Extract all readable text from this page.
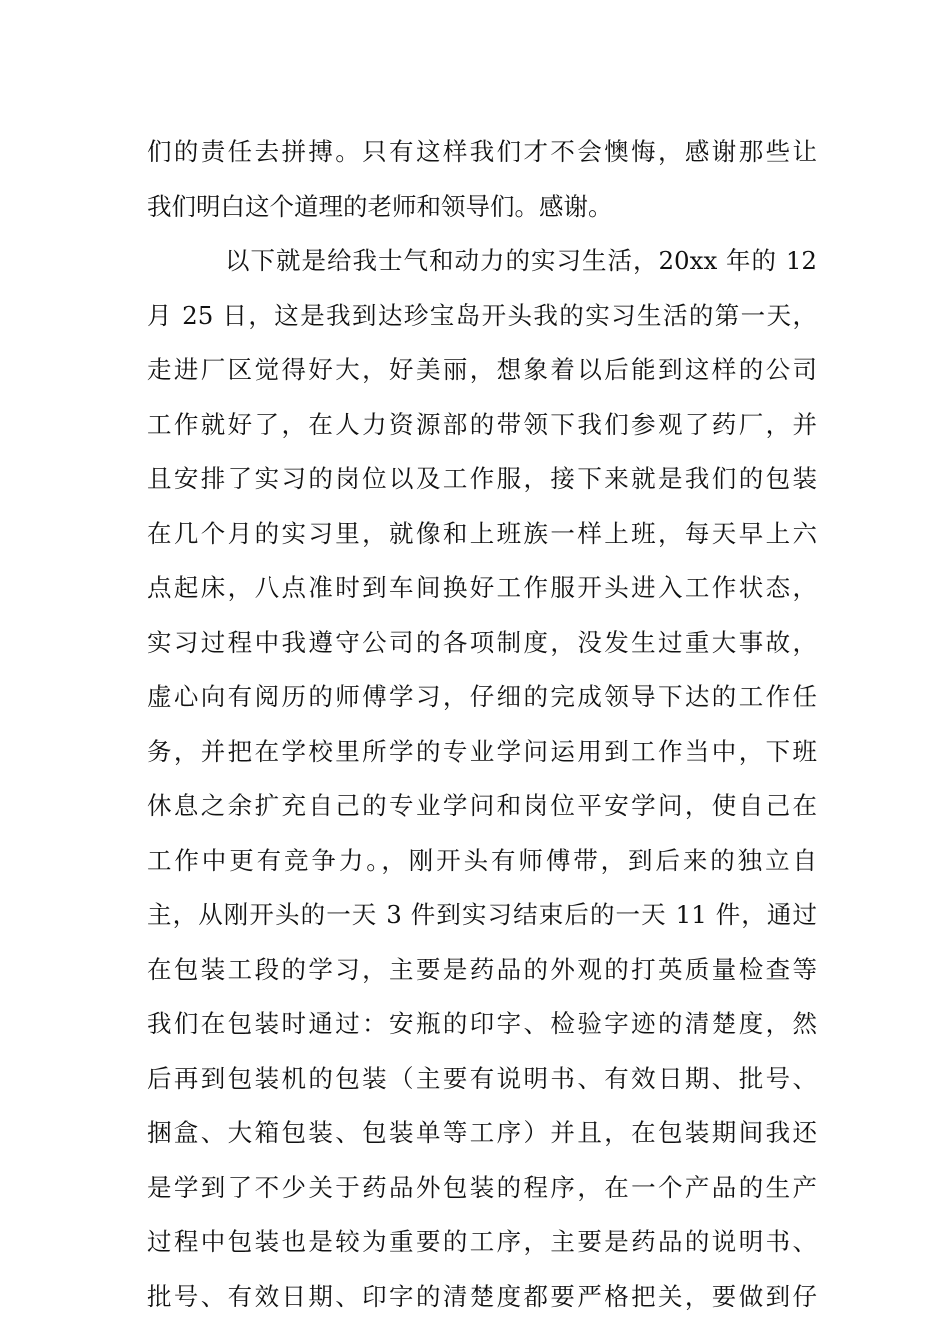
们的责任去拼搏。只有这样我们才不会懊悔，感谢那些让
我们明白这个道理的老师和领导们。感谢。
以下就是给我士气和动力的实习生活，20xx 年的 12
月 25 日，这是我到达珍宝岛开头我的实习生活的第一天，
走进厂区觉得好大，好美丽，想象着以后能到这样的公司
工作就好了，在人力资源部的带领下我们参观了药厂，并
且安排了实习的岗位以及工作服，接下来就是我们的包装
在几个月的实习里，就像和上班族一样上班，每天早上六
点起床，八点准时到车间换好工作服开头进入工作状态，
实习过程中我遵守公司的各项制度，没发生过重大事故，
虚心向有阅历的师傅学习，仔细的完成领导下达的工作任
务，并把在学校里所学的专业学问运用到工作当中，下班
休息之余扩充自己的专业学问和岗位平安学问，使自己在
工作中更有竞争力。，刚开头有师傅带，到后来的独立自
主，从刚开头的一天 3 件到实习结束后的一天 11 件，通过
在包装工段的学习，主要是药品的外观的打英质量检查等
我们在包装时通过：安瓶的印字、检验字迹的清楚度，然
后再到包装机的包装（主要有说明书、有效日期、批号、
捆盒、大箱包装、包装单等工序）并且，在包装期间我还
是学到了不少关于药品外包装的程序，在一个产品的生产
过程中包装也是较为重要的工序，主要是药品的说明书、
批号、有效日期、印字的清楚度都要严格把关，要做到仔
